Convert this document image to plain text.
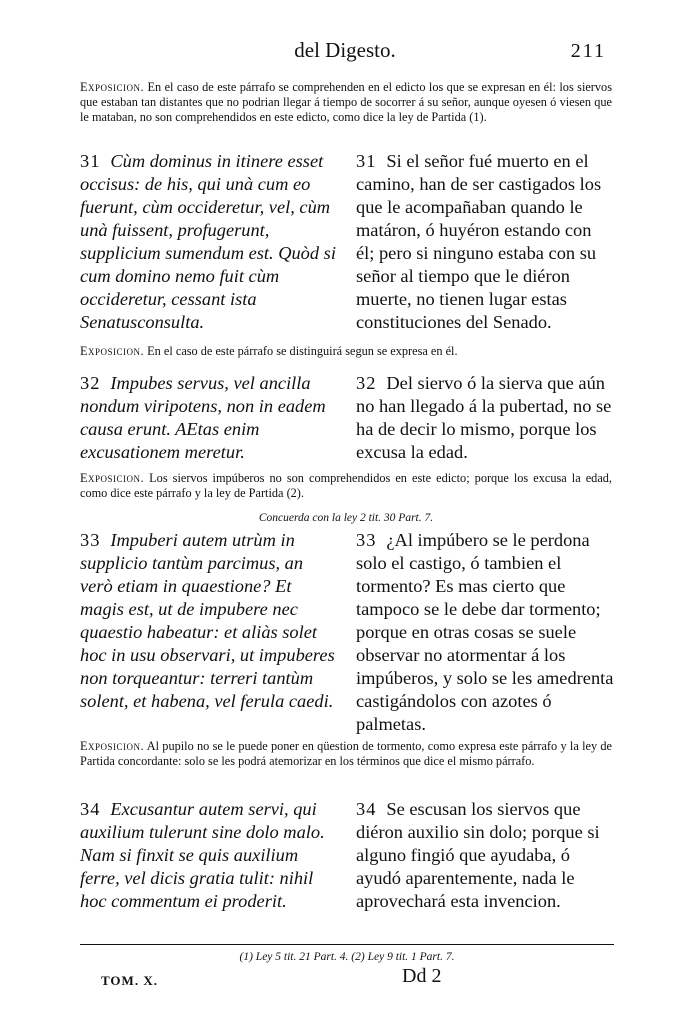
del Digesto.	211
Exposicion. En el caso de este párrafo se comprehenden en el edicto los que se expresan en él: los siervos que estaban tan distantes que no podrian llegar á tiempo de socorrer á su señor, aunque oyesen ó viesen que le mataban, no son comprehendidos en este edicto, como dice la ley de Partida (1).
31 Cùm dominus in itinere esset occisus: de his, qui unà cum eo fuerunt, cùm occideretur, vel, cùm unà fuissent, profugerunt, supplicium sumendum est. Quòd si cum domino nemo fuit cùm occideretur, cessant ista Senatusconsulta.
31 Si el señor fué muerto en el camino, han de ser castigados los que le acompañaban quando le matáron, ó huyéron estando con él; pero si ninguno estaba con su señor al tiempo que le diéron muerte, no tienen lugar estas constituciones del Senado.
Exposicion. En el caso de este párrafo se distinguirá segun se expresa en él.
32 Impubes servus, vel ancilla nondum viripotens, non in eadem causa erunt. AEtas enim excusationem meretur.
32 Del siervo ó la sierva que aún no han llegado á la pubertad, no se ha de decir lo mismo, porque los excusa la edad.
Exposicion. Los siervos impúberos no son comprehendidos en este edicto; porque los excusa la edad, como dice este párrafo y la ley de Partida (2).
Concuerda con la ley 2 tit. 30 Part. 7.
33 Impuberi autem utrùm in supplicio tantùm parcimus, an verò etiam in quaestione? Et magis est, ut de impubere nec quaestio habeatur: et aliàs solet hoc in usu observari, ut impuberes non torqueantur: terreri tantùm solent, et habena, vel ferula caedi.
33 ¿Al impúbero se le perdona solo el castigo, ó tambien el tormento? Es mas cierto que tampoco se le debe dar tormento; porque en otras cosas se suele observar no atormentar á los impúberos, y solo se les amedrenta castigándolos con azotes ó palmetas.
Exposicion. Al pupilo no se le puede poner en qüestion de tormento, como expresa este párrafo y la ley de Partida concordante: solo se les podrá atemorizar en los términos que dice el mismo párrafo.
34 Excusantur autem servi, qui auxilium tulerunt sine dolo malo. Nam si finxit se quis auxilium ferre, vel dicis gratia tulit: nihil hoc commentum ei proderit.
34 Se escusan los siervos que diéron auxilio sin dolo; porque si alguno fingió que ayudaba, ó ayudó aparentemente, nada le aprovechará esta invencion.
(1) Ley 5 tit. 21 Part. 4. (2) Ley 9 tit. 1 Part. 7.
TOM. X.	Dd 2
